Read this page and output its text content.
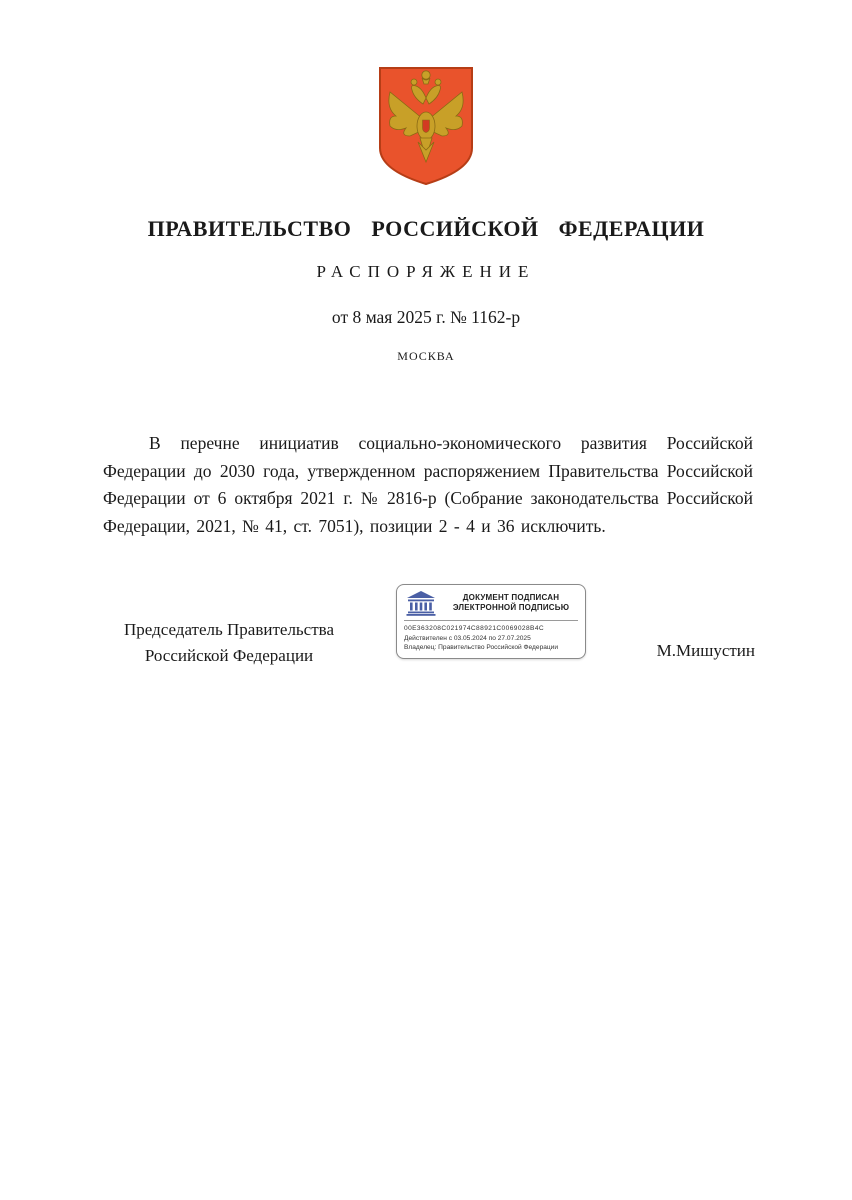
ПРАВИТЕЛЬСТВО РОССИЙСКОЙ ФЕДЕРАЦИИ
РАСПОРЯЖЕНИЕ
от 8 мая 2025 г. № 1162-р
МОСКВА
В перечне инициатив социально-экономического развития Российской Федерации до 2030 года, утвержденном распоряжением Правительства Российской Федерации от 6 октября 2021 г. № 2816-р (Собрание законодательства Российской Федерации, 2021, № 41, ст. 7051), позиции 2 - 4 и 36 исключить.
Председатель Правительства
Российской Федерации
ДОКУМЕНТ ПОДПИСАН
ЭЛЕКТРОННОЙ ПОДПИСЬЮ
00E363208C021974C88921C0069028B4C
Действителен с 03.05.2024 по 27.07.2025
Владелец: Правительство Российской Федерации	М.Мишустин
